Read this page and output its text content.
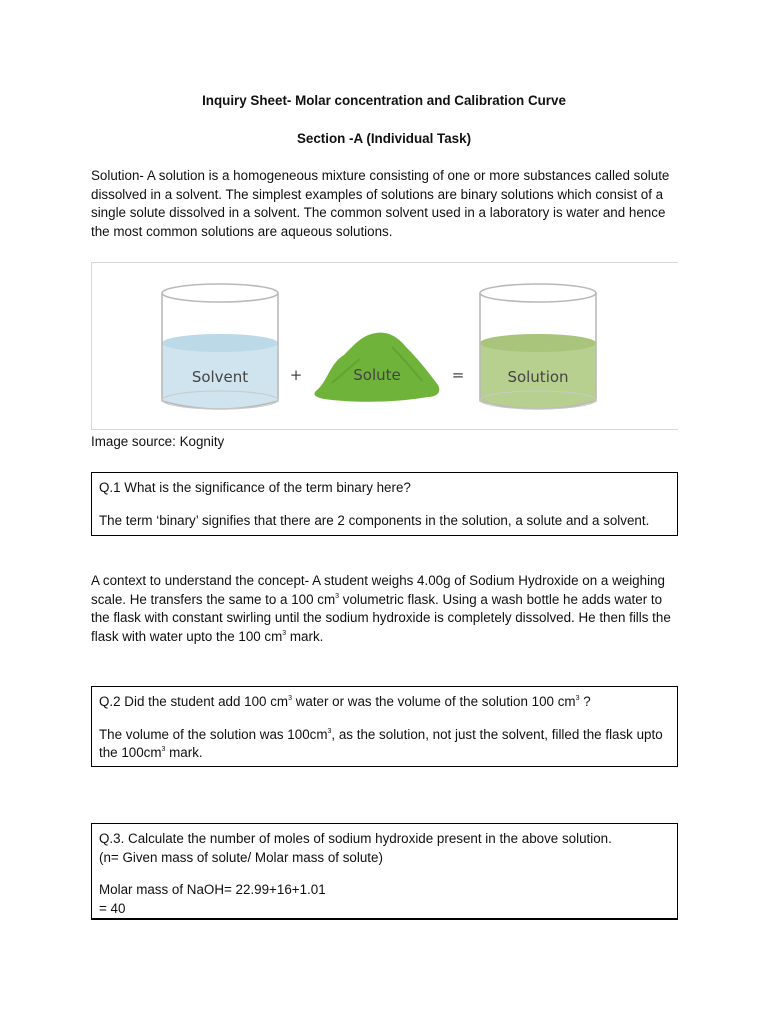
Inquiry Sheet- Molar concentration and Calibration Curve
Section -A (Individual Task)
Solution- A solution is a homogeneous mixture consisting of one or more substances called solute dissolved in a solvent. The simplest examples of solutions are binary solutions which consist of a single solute dissolved in a solvent. The common solvent used in a laboratory is water and hence the most common solutions are aqueous solutions.
Solvent	+	Solute	=	Solution
Image source: Kognity

Q.1 What is the significance of the term binary here?

The term ‘binary’ signifies that there are 2 components in the solution, a solute and a solvent.

A context to understand the concept- A student weighs 4.00g of Sodium Hydroxide on a weighing scale. He transfers the same to a 100 $cm^3$ volumetric flask. Using a wash bottle he adds water to the flask with constant swirling until the sodium hydroxide is completely dissolved. He then fills the flask with water upto the 100 $cm^3$ mark.

Q.2 Did the student add 100 $cm^3$ water or was the volume of the solution 100 $cm^3$ ?

The volume of the solution was $100cm^3$, as the solution, not just the solvent, filled the flask upto the $100cm^3$ mark.

Q.3. Calculate the number of moles of sodium hydroxide present in the above solution.

(n= Given mass of solute/ Molar mass of solute)

Molar mass of NaOH= 22.99+16+1.01

= 40
